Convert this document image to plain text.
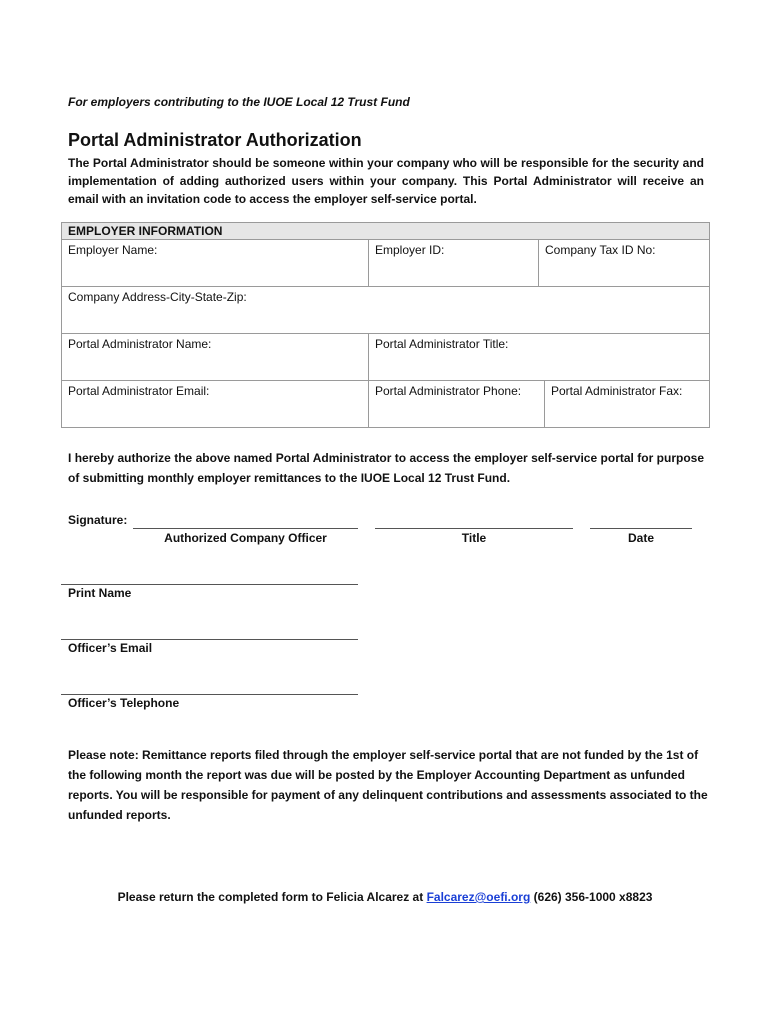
For employers contributing to the IUOE Local 12 Trust Fund
Portal Administrator Authorization
The Portal Administrator should be someone within your company who will be responsible for the security and implementation of adding authorized users within your company. This Portal Administrator will receive an email with an invitation code to access the employer self-service portal.
EMPLOYER INFORMATION			
Employer Name:	Employer ID:	Company Tax ID No:	
Company Address-City-State-Zip:			
Portal Administrator Name:	Portal Administrator Title:		
Portal Administrator Email:	Portal Administrator Phone:		Portal Administrator Fax:
I hereby authorize the above named Portal Administrator to access the employer self-service portal for purpose of submitting monthly employer remittances to the IUOE Local 12 Trust Fund.
Signature:
Authorized Company Officer	Title	Date
Print Name
Officer’s Email
Officer’s Telephone
Please note: Remittance reports filed through the employer self-service portal that are not funded by the 1st of the following month the report was due will be posted by the Employer Accounting Department as unfunded reports. You will be responsible for payment of any delinquent contributions and assessments associated to the unfunded reports.
Please return the completed form to Felicia Alcarez at Falcarez@oefi.org (626) 356-1000 x8823
